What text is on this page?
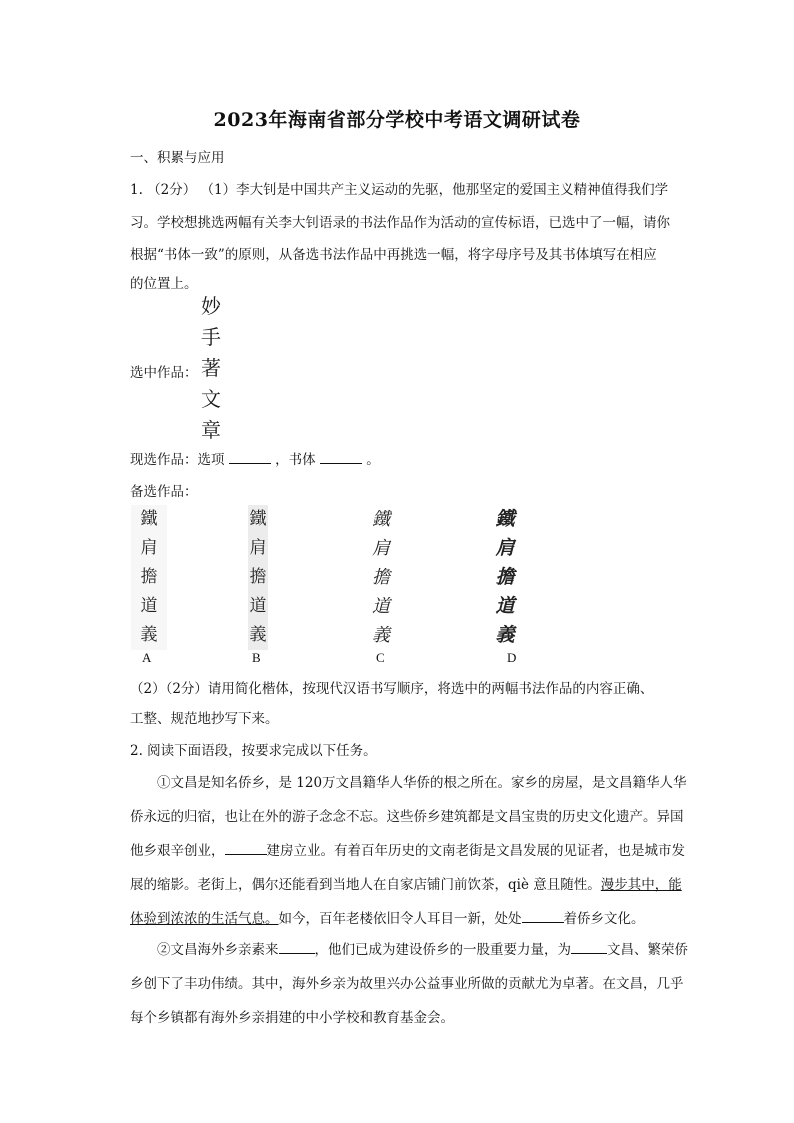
2023年海南省部分学校中考语文调研试卷
一、积累与应用
1. （2分） （1）李大钊是中国共产主义运动的先驱，他那坚定的爱国主义精神值得我们学
习。学校想挑选两幅有关李大钊语录的书法作品作为活动的宣传标语，已选中了一幅，请你
根据“书体一致”的原则，从备选书法作品中再挑选一幅，将字母序号及其书体填写在相应
的位置上。
选中作品：
妙
手
著
文
章
现选作品：选项	，书体	。
备选作品：
鐵
肩
擔
道
義
鐵
肩
擔
道
義
鐵
肩
擔
道
義
鐵
肩
擔
道
義
A	B	C	D
（2）（2分）请用简化楷体，按现代汉语书写顺序，将选中的两幅书法作品的内容正确、
工整、规范地抄写下来。
2. 阅读下面语段，按要求完成以下任务。
①文昌是知名侨乡，是 120万文昌籍华人华侨的根之所在。家乡的房屋，是文昌籍华人华侨永远的归宿，也让在外的游子念念不忘。这些侨乡建筑都是文昌宝贵的历史文化遗产。异国他乡艰辛创业，	建房立业。有着百年历史的文南老街是文昌发展的见证者，也是城市发展的缩影。老街上，偶尔还能看到当地人在自家店铺门前饮茶，qiè 意且随性。漫步其中，能体验到浓浓的生活气息。如今，百年老楼依旧令人耳目一新，处处	着侨乡文化。
②文昌海外乡亲素来	，他们已成为建设侨乡的一股重要力量，为	文昌、繁荣侨乡创下了丰功伟绩。其中，海外乡亲为故里兴办公益事业所做的贡献尤为卓著。在文昌，几乎每个乡镇都有海外乡亲捐建的中小学校和教育基金会。
